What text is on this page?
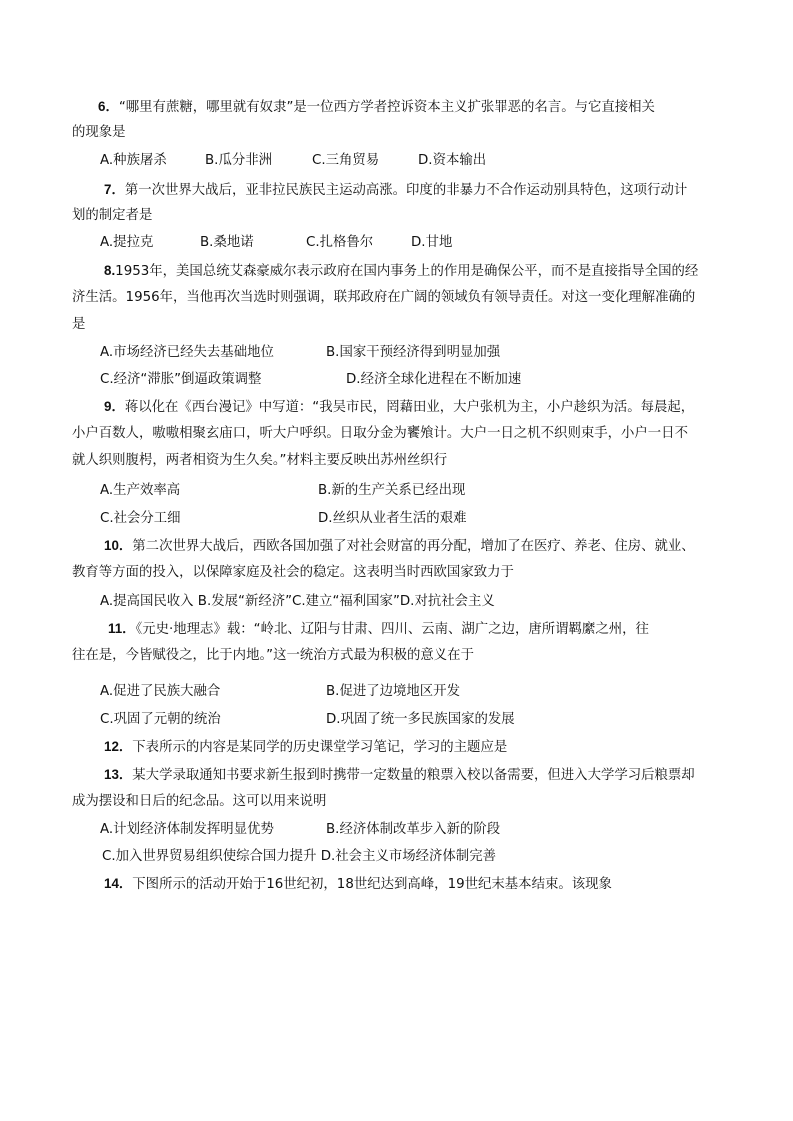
6．“哪里有蔗糖，哪里就有奴隶”是一位西方学者控诉资本主义扩张罪恶的名言。与它直接相关
的现象是
A.种族屠杀	B.瓜分非洲	C.三角贸易	D.资本输出
7．第一次世界大战后，亚非拉民族民主运动高涨。印度的非暴力不合作运动别具特色，这项行动计
划的制定者是
A.提拉克	B.桑地诺	C.扎格鲁尔	D.甘地
8.1953年，美国总统艾森豪威尔表示政府在国内事务上的作用是确保公平，而不是直接指导全国的经
济生活。1956年，当他再次当选时则强调，联邦政府在广阔的领域负有领导责任。对这一变化理解准确的
是
A.市场经济已经失去基础地位	B.国家干预经济得到明显加强
C.经济“滞胀”倒逼政策调整	D.经济全球化进程在不断加速
9．蒋以化在《西台漫记》中写道：“我吴市民，罔藉田业，大户张机为主，小户趁织为活。每晨起，
小户百数人，嗷嗷相聚玄庙口，听大户呼织。日取分金为饔飧计。大户一日之机不织则束手，小户一日不
就人织则腹枵，两者相资为生久矣。”材料主要反映出苏州丝织行
A.生产效率高	B.新的生产关系已经出现
C.社会分工细	D.丝织从业者生活的艰难
10．第二次世界大战后，西欧各国加强了对社会财富的再分配，增加了在医疗、养老、住房、就业、
教育等方面的投入，以保障家庭及社会的稳定。这表明当时西欧国家致力于
A.提高国民收入 B.发展“新经济”C.建立“福利国家”D.对抗社会主义
11．《元史·地理志》载：“岭北、辽阳与甘肃、四川、云南、湖广之边，唐所谓羁縻之州，往
往在是，今皆赋役之，比于内地。”这一统治方式最为积极的意义在于
A.促进了民族大融合	B.促进了边境地区开发
C.巩固了元朝的统治	D.巩固了统一多民族国家的发展
12．下表所示的内容是某同学的历史课堂学习笔记，学习的主题应是
13．某大学录取通知书要求新生报到时携带一定数量的粮票入校以备需要，但进入大学学习后粮票却
成为摆设和日后的纪念品。这可以用来说明
A.计划经济体制发挥明显优势	B.经济体制改革步入新的阶段
C.加入世界贸易组织使综合国力提升 D.社会主义市场经济体制完善
14．下图所示的活动开始于16世纪初，18世纪达到高峰，19世纪末基本结束。该现象
